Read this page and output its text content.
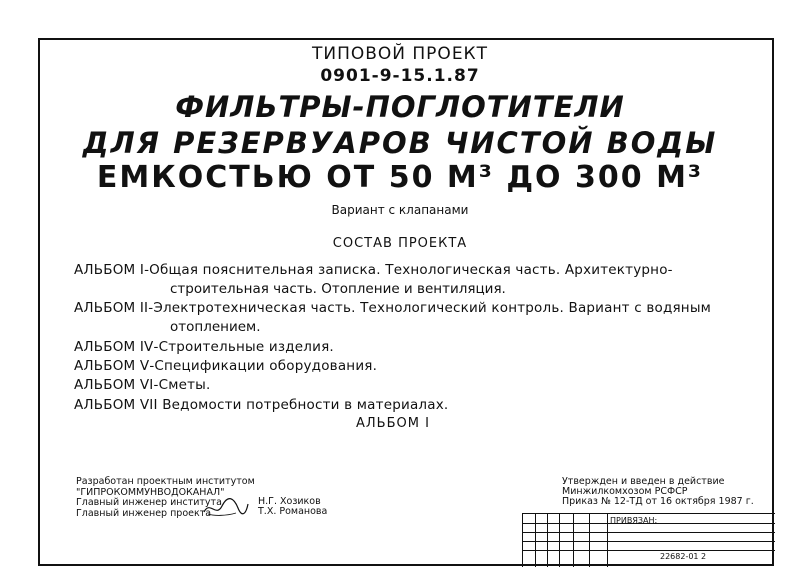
ТИПОВОЙ ПРОЕКТ
0901-9-15.1.87
ФИЛЬТРЫ-ПОГЛОТИТЕЛИ
ДЛЯ РЕЗЕРВУАРОВ ЧИСТОЙ ВОДЫ
ЕМКОСТЬЮ ОТ 50 М³ ДО 300 М³
Вариант с клапанами
СОСТАВ ПРОЕКТА
АЛЬБОМ I-Общая пояснительная записка. Технологическая часть. Архитектурно-
строительная часть. Отопление и вентиляция.
АЛЬБОМ II-Электротехническая часть. Технологический контроль. Вариант с водяным
отоплением.
АЛЬБОМ IV-Строительные изделия.
АЛЬБОМ V-Спецификации оборудования.
АЛЬБОМ VI-Сметы.
АЛЬБОМ VII Ведомости потребности в материалах.
АЛЬБОМ I
Разработан проектным институтом
"ГИПРОКОММУНВОДОКАНАЛ"
Главный инженер института
Главный инженер проекта
Н.Г. Хозиков
Т.Х. Романова
Утвержден и введен в действие
Минжилкомхозом РСФСР
Приказ № 12-ТД от 16 октября 1987 г.
ПРИВЯЗАН:
22682-01 2
